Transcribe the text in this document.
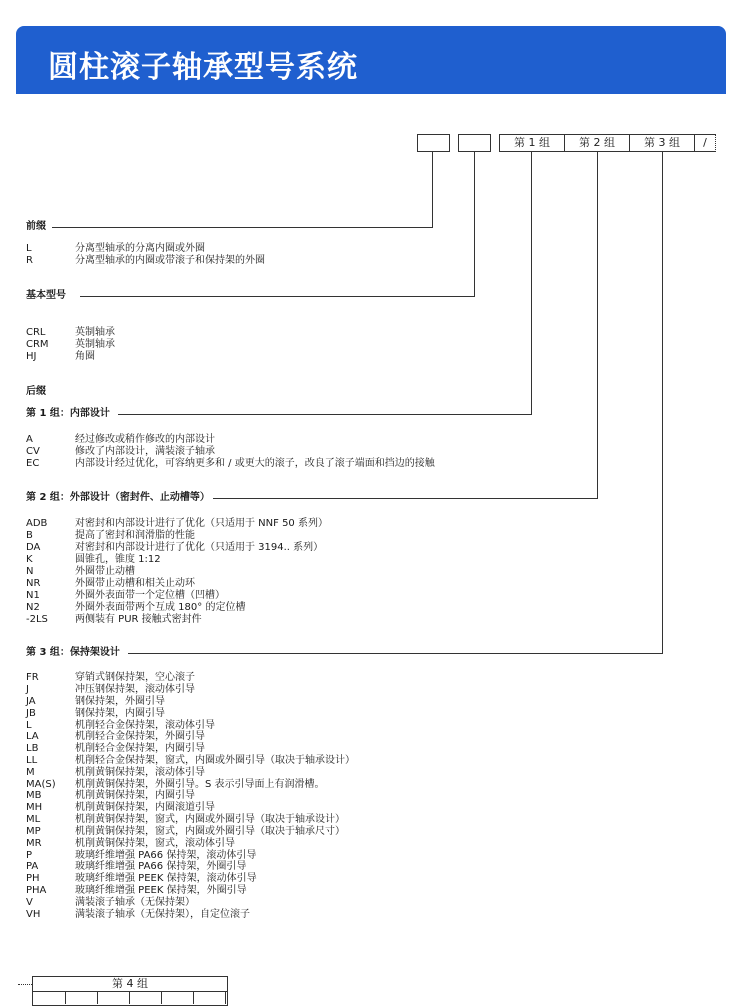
圆柱滚子轴承型号系统
第 1 组	第 2 组	第 3 组	/
前缀
L	分离型轴承的分离内圈或外圈
R	分离型轴承的内圈或带滚子和保持架的外圈
基本型号
CRL	英制轴承
CRM	英制轴承
HJ	角圈
后缀
第 1 组：内部设计
A	经过修改或稍作修改的内部设计
CV	修改了内部设计，满装滚子轴承
EC	内部设计经过优化，可容纳更多和 / 或更大的滚子，改良了滚子端面和挡边的接触
第 2 组：外部设计（密封件、止动槽等）
ADB	对密封和内部设计进行了优化（只适用于 NNF 50 系列）
B	提高了密封和润滑脂的性能
DA	对密封和内部设计进行了优化（只适用于 3194.. 系列）
K	圆锥孔，锥度 1:12
N	外圈带止动槽
NR	外圈带止动槽和相关止动环
N1	外圈外表面带一个定位槽（凹槽）
N2	外圈外表面带两个互成 180° 的定位槽
-2LS	两侧装有 PUR 接触式密封件
第 3 组：保持架设计
FR	穿销式钢保持架，空心滚子
J	冲压钢保持架，滚动体引导
JA	钢保持架，外圈引导
JB	钢保持架，内圈引导
L	机削轻合金保持架，滚动体引导
LA	机削轻合金保持架，外圈引导
LB	机削轻合金保持架，内圈引导
LL	机削轻合金保持架，窗式，内圈或外圈引导（取决于轴承设计）
M	机削黄铜保持架，滚动体引导
MA(S) 机削黄铜保持架，外圈引导。S 表示引导面上有润滑槽。
MB	机削黄铜保持架，内圈引导
MH	机削黄铜保持架，内圈滚道引导
ML	机削黄铜保持架，窗式，内圈或外圈引导（取决于轴承设计）
MP	机削黄铜保持架，窗式，内圈或外圈引导（取决于轴承尺寸）
MR	机削黄铜保持架，窗式，滚动体引导
P	玻璃纤维增强 PA66 保持架，滚动体引导
PA	玻璃纤维增强 PA66 保持架，外圈引导
PH	玻璃纤维增强 PEEK 保持架，滚动体引导
PHA	玻璃纤维增强 PEEK 保持架，外圈引导
V	满装滚子轴承（无保持架）
VH	满装滚子轴承（无保持架），自定位滚子
第 4 组
